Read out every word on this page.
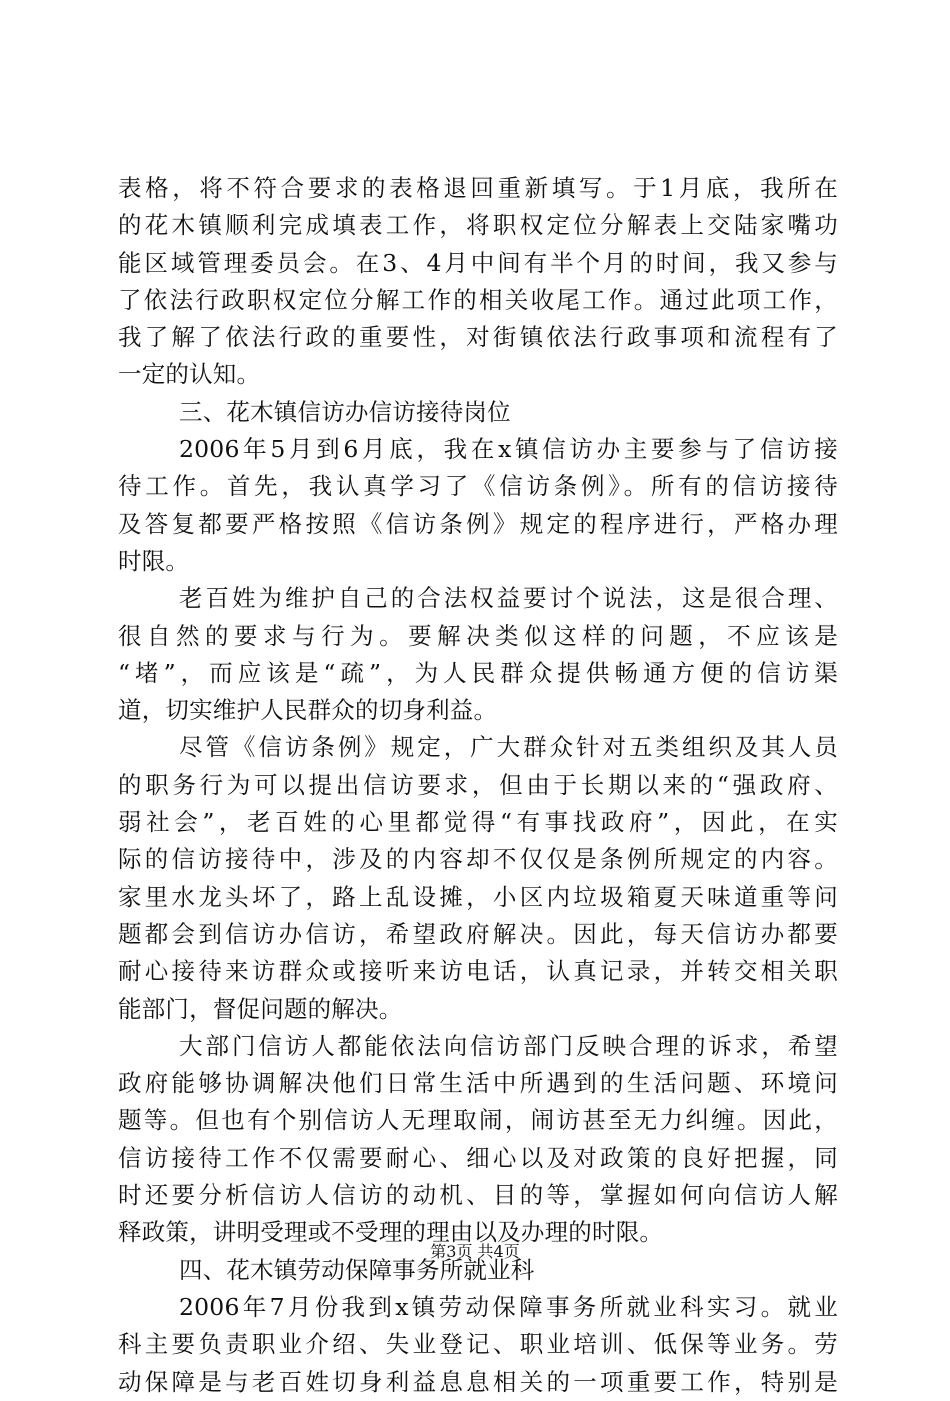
表格，将不符合要求的表格退回重新填写。于1月底，我所在
的花木镇顺利完成填表工作，将职权定位分解表上交陆家嘴功
能区域管理委员会。在3、4月中间有半个月的时间，我又参与
了依法行政职权定位分解工作的相关收尾工作。通过此项工作，
我了解了依法行政的重要性，对街镇依法行政事项和流程有了
一定的认知。
三、花木镇信访办信访接待岗位
2006年5月到6月底，我在x镇信访办主要参与了信访接
待工作。首先，我认真学习了《信访条例》。所有的信访接待
及答复都要严格按照《信访条例》规定的程序进行，严格办理
时限。
老百姓为维护自己的合法权益要讨个说法，这是很合理、
很自然的要求与行为。要解决类似这样的问题，不应该是
“堵”，而应该是“疏”，为人民群众提供畅通方便的信访渠
道，切实维护人民群众的切身利益。
尽管《信访条例》规定，广大群众针对五类组织及其人员
的职务行为可以提出信访要求，但由于长期以来的“强政府、
弱社会”，老百姓的心里都觉得“有事找政府”，因此，在实
际的信访接待中，涉及的内容却不仅仅是条例所规定的内容。
家里水龙头坏了，路上乱设摊，小区内垃圾箱夏天味道重等问
题都会到信访办信访，希望政府解决。因此，每天信访办都要
耐心接待来访群众或接听来访电话，认真记录，并转交相关职
能部门，督促问题的解决。
大部门信访人都能依法向信访部门反映合理的诉求，希望
政府能够协调解决他们日常生活中所遇到的生活问题、环境问
题等。但也有个别信访人无理取闹，闹访甚至无力纠缠。因此，
信访接待工作不仅需要耐心、细心以及对政策的良好把握，同
时还要分析信访人信访的动机、目的等，掌握如何向信访人解
释政策，讲明受理或不受理的理由以及办理的时限。
四、花木镇劳动保障事务所就业科
2006年7月份我到x镇劳动保障事务所就业科实习。就业
科主要负责职业介绍、失业登记、职业培训、低保等业务。劳
动保障是与老百姓切身利益息息相关的一项重要工作，特别是
第3页 共4页
